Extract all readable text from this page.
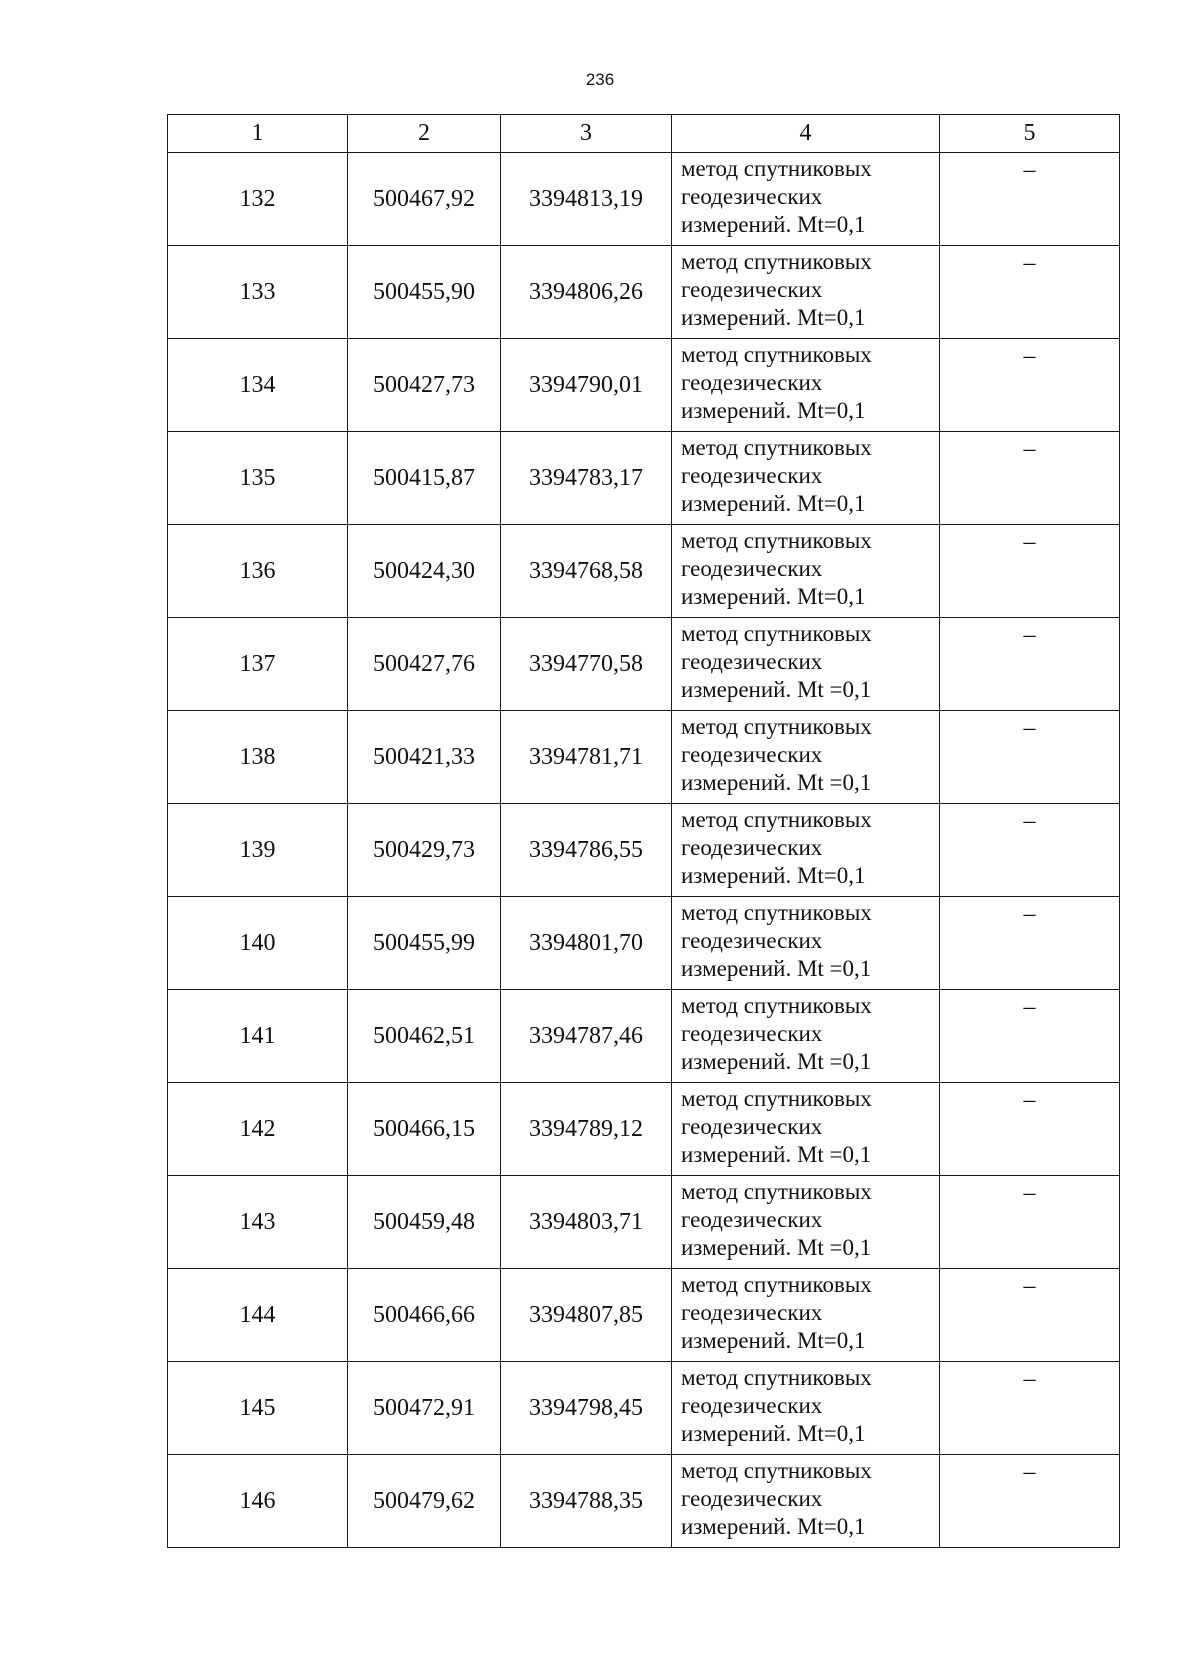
236
1	2	3	4	5
132	500467,92	3394813,19	метод спутниковых
геодезических
измерений. Mt=0,1	–
133	500455,90	3394806,26	метод спутниковых
геодезических
измерений. Mt=0,1	–
134	500427,73	3394790,01	метод спутниковых
геодезических
измерений. Mt=0,1	–
135	500415,87	3394783,17	метод спутниковых
геодезических
измерений. Mt=0,1	–
136	500424,30	3394768,58	метод спутниковых
геодезических
измерений. Mt=0,1	–
137	500427,76	3394770,58	метод спутниковых
геодезических
измерений. Mt =0,1	–
138	500421,33	3394781,71	метод спутниковых
геодезических
измерений. Mt =0,1	–
139	500429,73	3394786,55	метод спутниковых
геодезических
измерений. Mt=0,1	–
140	500455,99	3394801,70	метод спутниковых
геодезических
измерений. Mt =0,1	–
141	500462,51	3394787,46	метод спутниковых
геодезических
измерений. Mt =0,1	–
142	500466,15	3394789,12	метод спутниковых
геодезических
измерений. Mt =0,1	–
143	500459,48	3394803,71	метод спутниковых
геодезических
измерений. Mt =0,1	–
144	500466,66	3394807,85	метод спутниковых
геодезических
измерений. Mt=0,1	–
145	500472,91	3394798,45	метод спутниковых
геодезических
измерений. Mt=0,1	–
146	500479,62	3394788,35	метод спутниковых
геодезических
измерений. Mt=0,1	–
